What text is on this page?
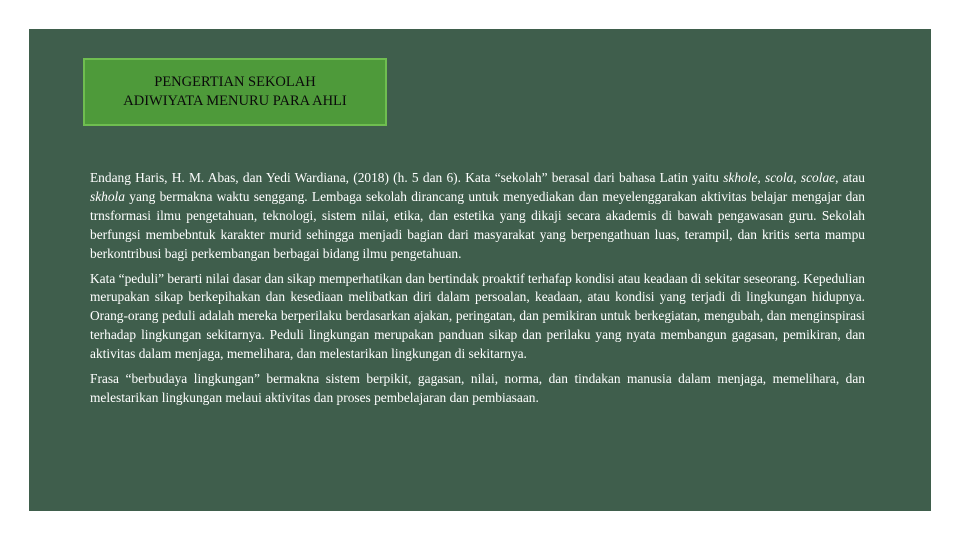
PENGERTIAN SEKOLAH
ADIWIYATA MENURU PARA AHLI

Endang Haris, H. M. Abas, dan Yedi Wardiana, (2018) (h. 5 dan 6). Kata “sekolah” berasal dari bahasa Latin yaitu skhole, scola, scolae, atau skhola yang bermakna waktu senggang. Lembaga sekolah dirancang untuk menyediakan dan meyelenggarakan aktivitas belajar mengajar dan trnsformasi ilmu pengetahuan, teknologi, sistem nilai, etika, dan estetika yang dikaji secara akademis di bawah pengawasan guru. Sekolah berfungsi membebntuk karakter murid sehingga menjadi bagian dari masyarakat yang berpengathuan luas, terampil, dan kritis serta mampu berkontribusi bagi perkembangan berbagai bidang ilmu pengetahuan.

Kata “peduli” berarti nilai dasar dan sikap memperhatikan dan bertindak proaktif terhafap kondisi atau keadaan di sekitar seseorang. Kepedulian merupakan sikap berkepihakan dan kesediaan melibatkan diri dalam persoalan, keadaan, atau kondisi yang terjadi di lingkungan hidupnya. Orang-orang peduli adalah mereka berperilaku berdasarkan ajakan, peringatan, dan pemikiran untuk berkegiatan, mengubah, dan menginspirasi terhadap lingkungan sekitarnya. Peduli lingkungan merupakan panduan sikap dan perilaku yang nyata membangun gagasan, pemikiran, dan aktivitas dalam menjaga, memelihara, dan melestarikan lingkungan di sekitarnya.

Frasa “berbudaya lingkungan” bermakna sistem berpikit, gagasan, nilai, norma, dan tindakan manusia dalam menjaga, memelihara, dan melestarikan lingkungan melaui aktivitas dan proses pembelajaran dan pembiasaan.
